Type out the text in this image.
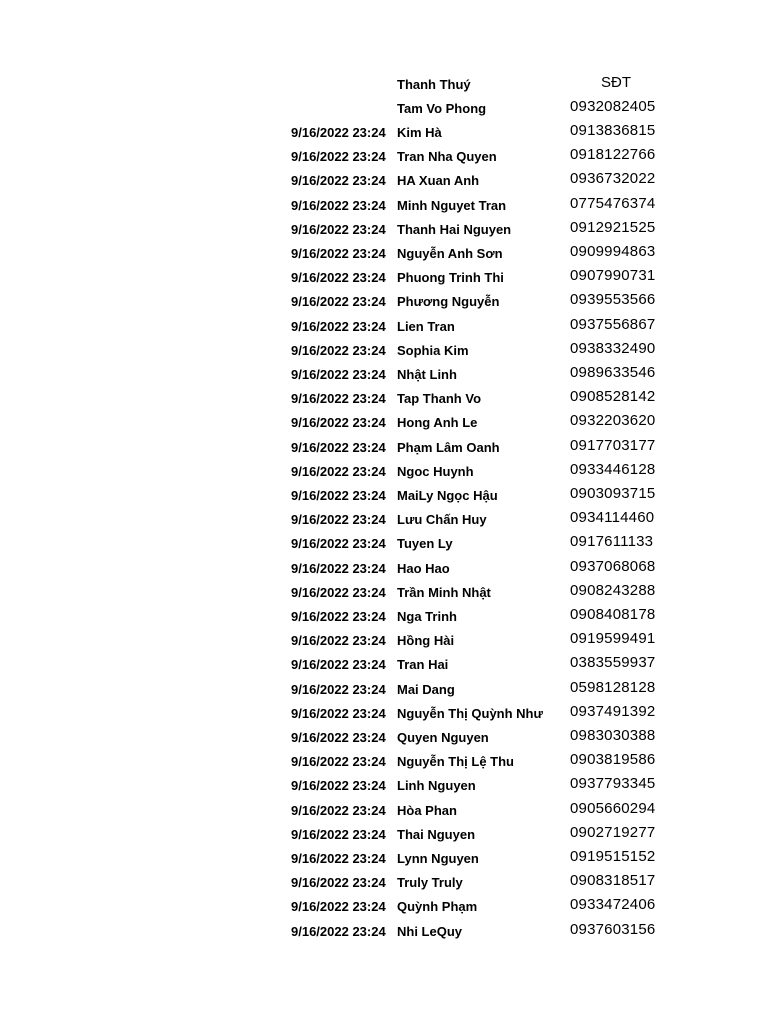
Thanh Thuý	SĐT
Tam Vo Phong	0932082405
9/16/2022 23:24 Kim Hà	0913836815
9/16/2022 23:24 Tran Nha Quyen	0918122766
9/16/2022 23:24 HA Xuan Anh	0936732022
9/16/2022 23:24 Minh Nguyet Tran	0775476374
9/16/2022 23:24 Thanh Hai Nguyen	0912921525
9/16/2022 23:24 Nguyễn Anh Sơn	0909994863
9/16/2022 23:24 Phuong Trinh Thi	0907990731
9/16/2022 23:24 Phương Nguyễn	0939553566
9/16/2022 23:24 Lien Tran	0937556867
9/16/2022 23:24 Sophia Kim	0938332490
9/16/2022 23:24 Nhật Linh	0989633546
9/16/2022 23:24 Tap Thanh Vo	0908528142
9/16/2022 23:24 Hong Anh Le	0932203620
9/16/2022 23:24 Phạm Lâm Oanh	0917703177
9/16/2022 23:24 Ngoc Huynh	0933446128
9/16/2022 23:24 MaiLy Ngọc Hậu	0903093715
9/16/2022 23:24 Lưu Chấn Huy	0934114460
9/16/2022 23:24 Tuyen Ly	0917611133
9/16/2022 23:24 Hao Hao	0937068068
9/16/2022 23:24 Trần Minh Nhật	0908243288
9/16/2022 23:24 Nga Trinh	0908408178
9/16/2022 23:24 Hồng Hài	0919599491
9/16/2022 23:24 Tran Hai	0383559937
9/16/2022 23:24 Mai Dang	0598128128
9/16/2022 23:24 Nguyễn Thị Quỳnh Như 0937491392
9/16/2022 23:24 Quyen Nguyen	0983030388
9/16/2022 23:24 Nguyễn Thị Lệ Thu	0903819586
9/16/2022 23:24 Linh Nguyen	0937793345
9/16/2022 23:24 Hòa Phan	0905660294
9/16/2022 23:24 Thai Nguyen	0902719277
9/16/2022 23:24 Lynn Nguyen	0919515152
9/16/2022 23:24 Truly Truly	0908318517
9/16/2022 23:24 Quỳnh Phạm	0933472406
9/16/2022 23:24 Nhi LeQuy	0937603156
